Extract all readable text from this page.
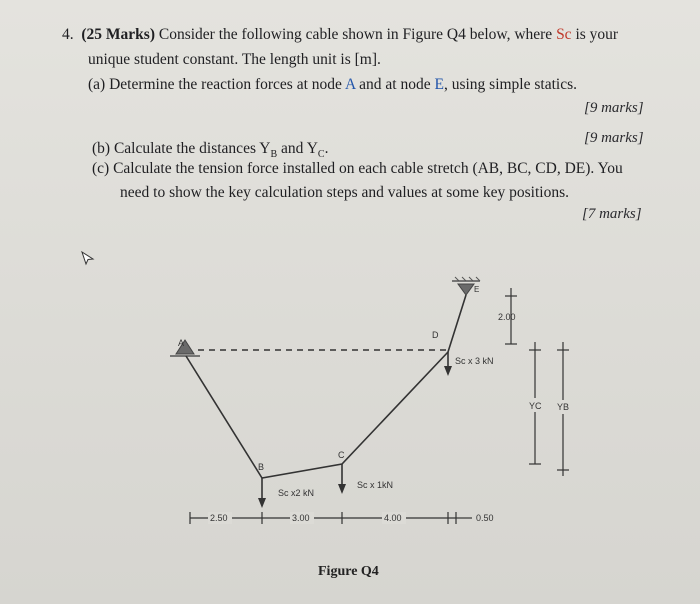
4. (25 Marks) Consider the following cable shown in Figure Q4 below, where Sc is your
unique student constant. The length unit is [m].
(a) Determine the reaction forces at node A and at node E, using simple statics.
[9 marks]
(b) Calculate the distances $Y_B$ and $Y_C$.
[9 marks]
(c) Calculate the tension force installed on each cable stretch (AB, BC, CD, DE). You
need to show the key calculation steps and values at some key positions.
[7 marks]
A
B
C
D
E
Sc x2 kN
Sc x 1kN
Sc x 3 kN
2.50	3.00	4.00	0.50
2.00
YC YB
Figure Q4
